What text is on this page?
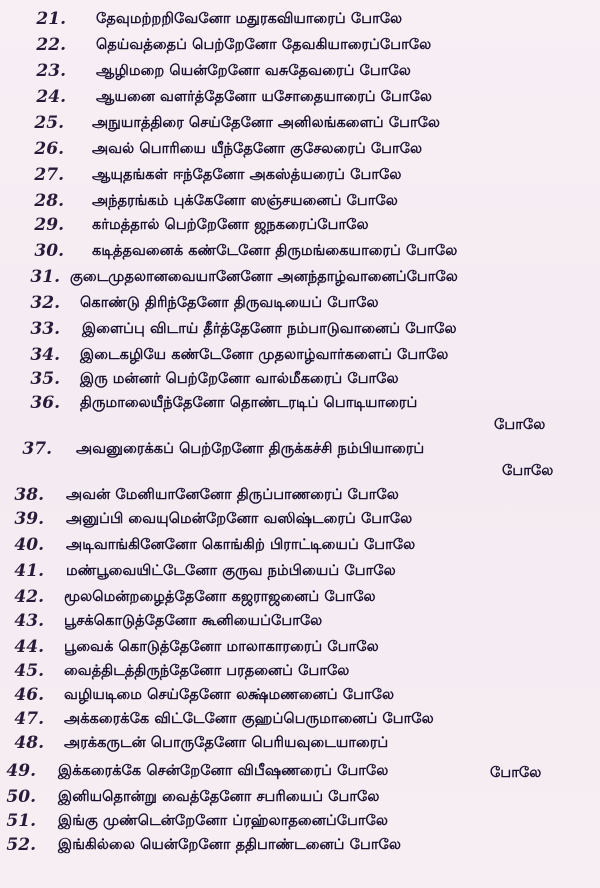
21. தேவுமற்றறிவேனோ மதுரகவியாரைப் போலே
22. தெய்வத்தைப் பெற்றேனோ தேவகியாரைப்போலே
23. ஆழிமறை யென்றேனோ வசுதேவரைப் போலே
24. ஆயனை வளர்த்தேனோ யசோதையாரைப் போலே
25. அநுயாத்திரை செய்தேனோ அனிலங்களைப் போலே
26. அவல் பொரியை யீந்தேனோ குசேலரைப் போலே
27. ஆயுதங்கள் ஈந்தேனோ அகஸ்த்யரைப் போலே
28. அந்தரங்கம் புக்கேனோ ஸஞ்சயனைப் போலே
29. கர்மத்தால் பெற்றேனோ ஜநகரைப்போலே
30. கடித்தவனைக் கண்டேனோ திருமங்கையாரைப் போலே
31. குடைமுதலானவையானேனோ அனந்தாழ்வானைப்போலே
32. கொண்டு திரிந்தேனோ திருவடியைப் போலே
33. இளைப்பு விடாய் தீர்த்தேனோ நம்பாடுவானைப் போலே
34. இடைகழியே கண்டேனோ முதலாழ்வார்களைப் போலே
35. இரு மன்னர் பெற்றேனோ வால்மீகரைப் போலே
36. திருமாலையீந்தேனோ தொண்டரடிப் பொடியாரைப்
போலே
37. அவனுரைக்கப் பெற்றேனோ திருக்கச்சி நம்பியாரைப்
போலே
38. அவன் மேனியானேனோ திருப்பாணரைப் போலே
39. அனுப்பி வையுமென்றேனோ வஸிஷ்டரைப் போலே
40. அடிவாங்கினேனோ கொங்கிற் பிராட்டியைப் போலே
41. மண்பூவையிட்டேனோ குருவ நம்பியைப் போலே
42. மூலமென்றழைத்தேனோ கஜராஜனைப் போலே
43. பூசக்கொடுத்தேனோ கூனியைப்போலே
44. பூவைக் கொடுத்தேனோ மாலாகாரரைப் போலே
45. வைத்திடத்திருந்தேனோ பரதனைப் போலே
46. வழியடிமை செய்தேனோ லக்ஷ்மணனைப் போலே
47. அக்கரைக்கே விட்டேனோ குஹப்பெருமானைப் போலே
48. அரக்கருடன் பொருதேனோ பெரியவுடையாரைப்
போலே
49. இக்கரைக்கே சென்றேனோ விபீஷணரைப் போலே
50. இனியதொன்று வைத்தேனோ சபரியைப் போலே
51. இங்கு முண்டென்றேனோ ப்ரஹ்லாதனைப்போலே
52. இங்கில்லை யென்றேனோ ததிபாண்டனைப் போலே
